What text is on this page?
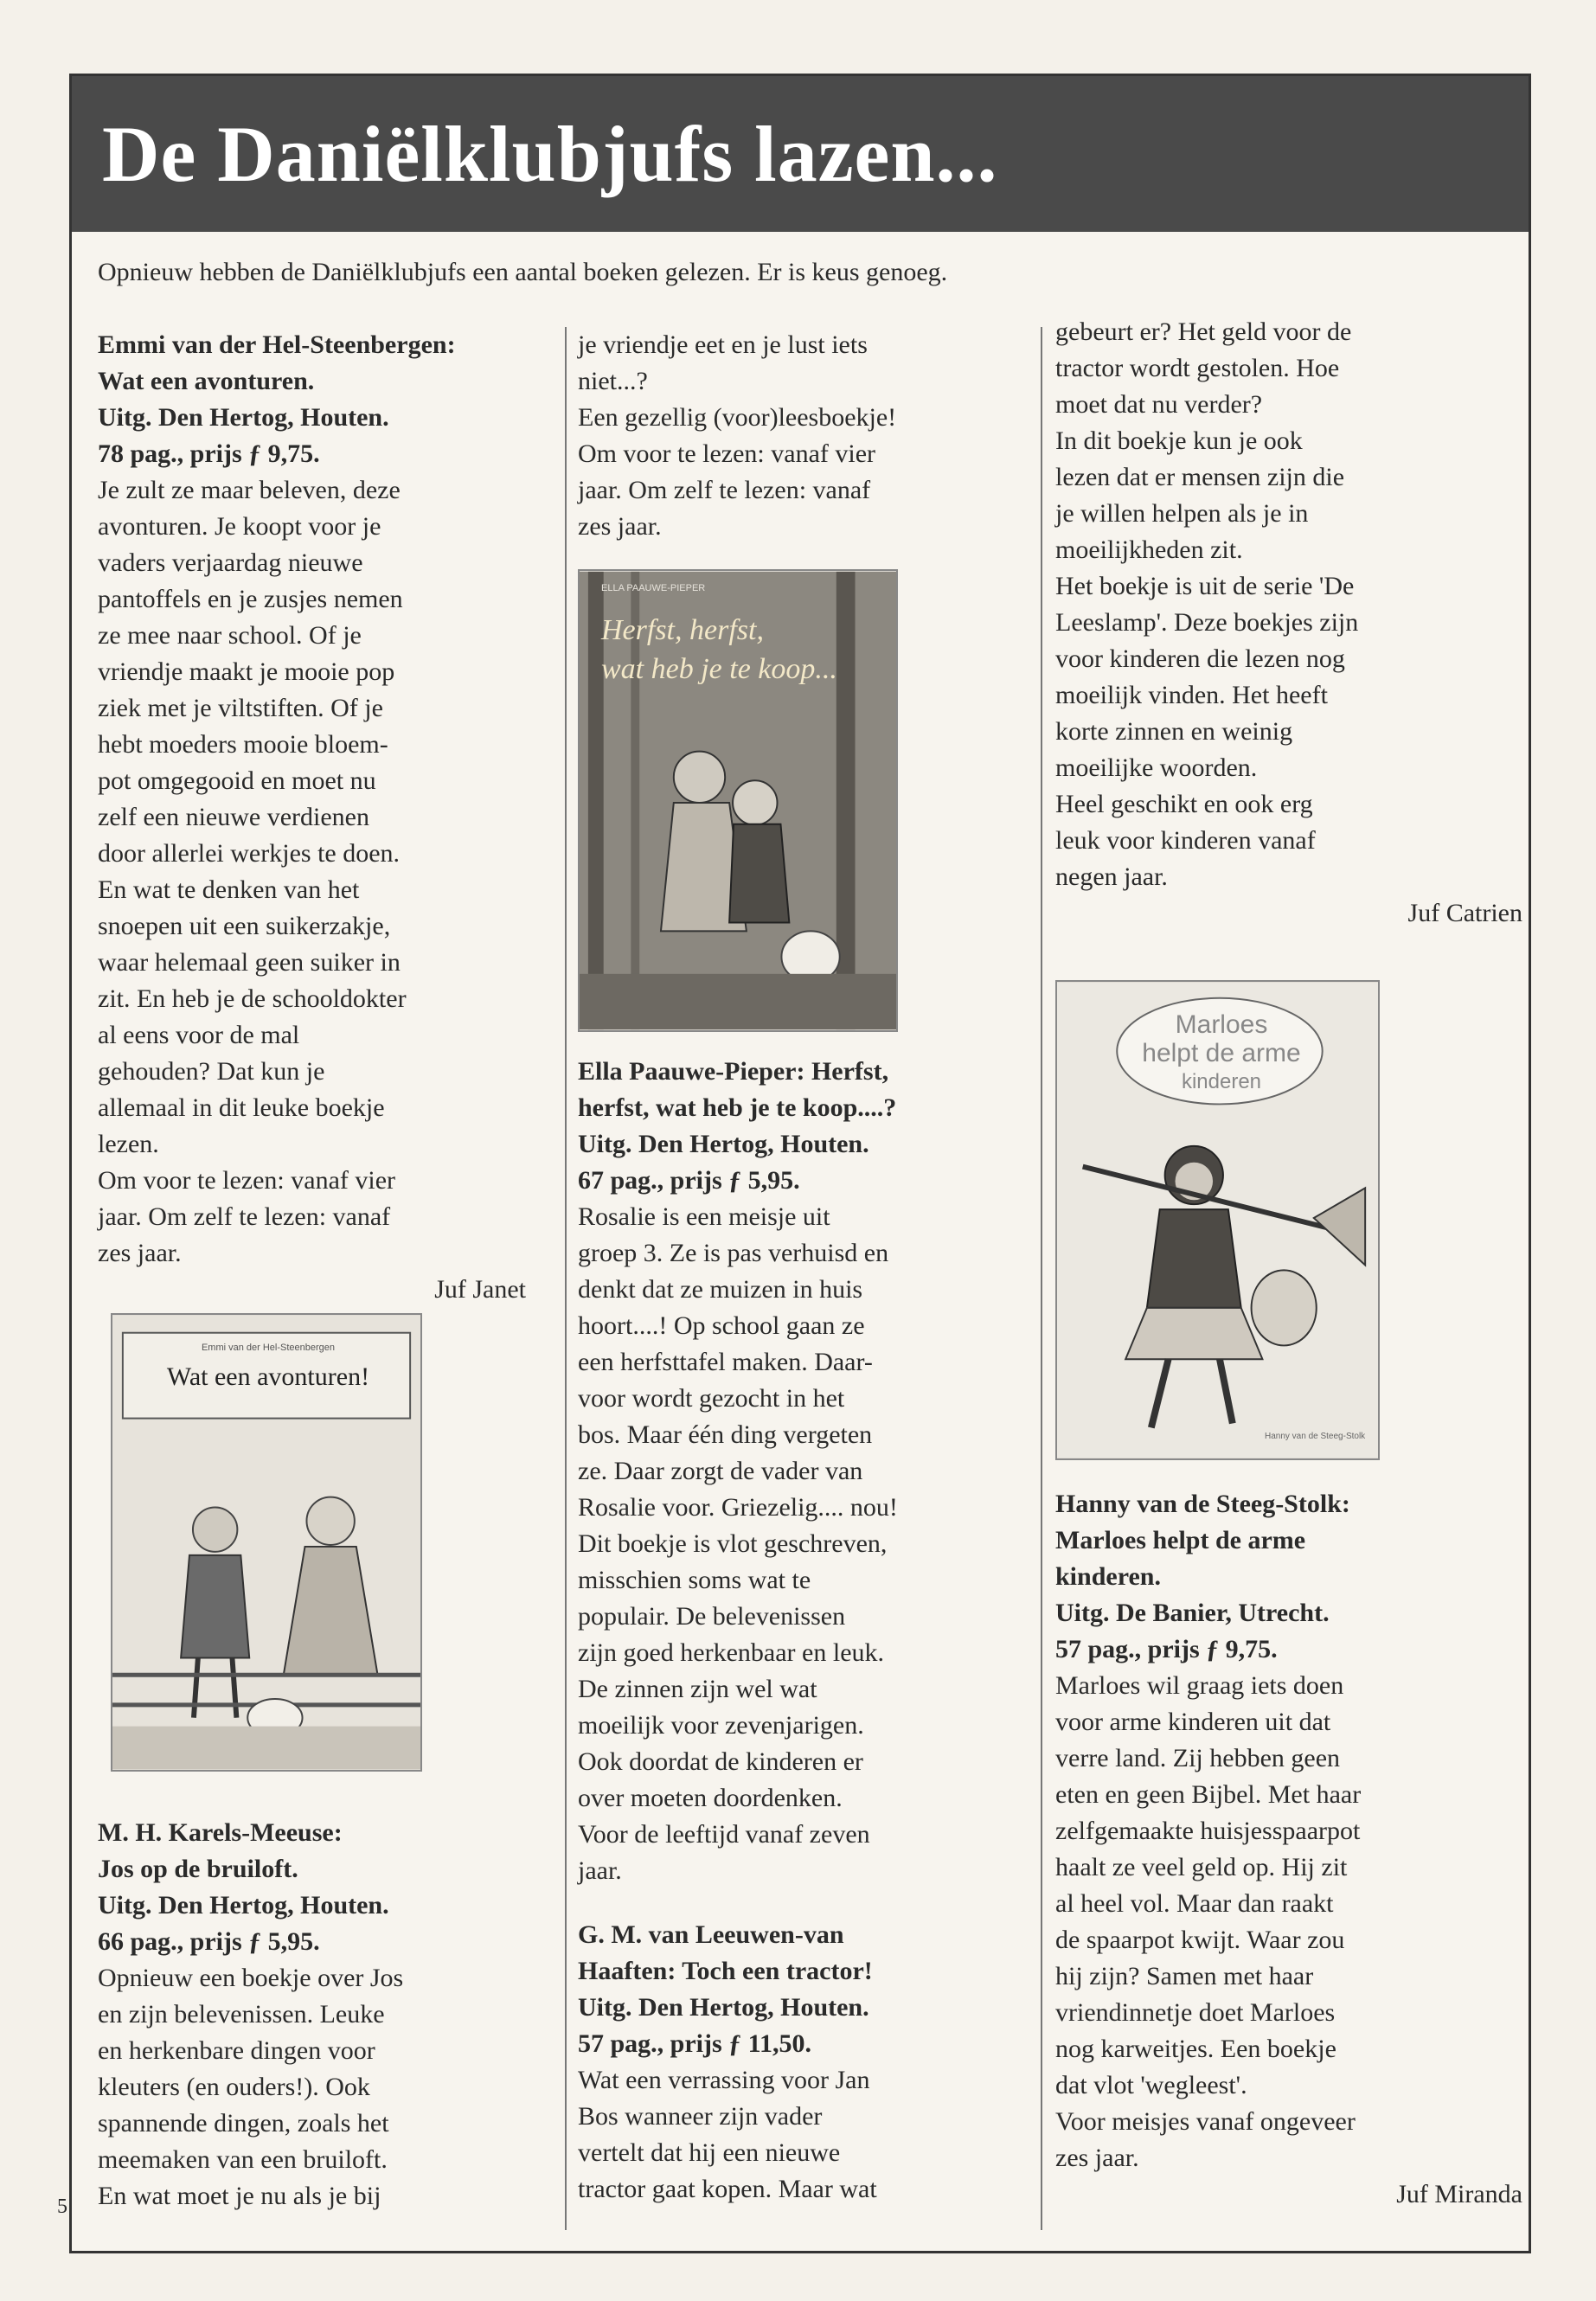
De Daniëlklubjufs lazen...
Opnieuw hebben de Daniëlklubjufs een aantal boeken gelezen. Er is keus genoeg.

Emmi van der Hel-Steenbergen:

Wat een avonturen.

Uitg. Den Hertog, Houten.

78 pag., prijs ƒ 9,75.

Je zult ze maar beleven, deze

avonturen. Je koopt voor je

vaders verjaardag nieuwe

pantoffels en je zusjes nemen

ze mee naar school. Of je

vriendje maakt je mooie pop

ziek met je viltstiften. Of je

hebt moeders mooie bloem-

pot omgegooid en moet nu

zelf een nieuwe verdienen

door allerlei werkjes te doen.

En wat te denken van het

snoepen uit een suikerzakje,

waar helemaal geen suiker in

zit. En heb je de schooldokter

al eens voor de mal

gehouden? Dat kun je

allemaal in dit leuke boekje

lezen.

Om voor te lezen: vanaf vier

jaar. Om zelf te lezen: vanaf

zes jaar.

Juf Janet

Emmi van der Hel-Steenbergen
Wat een avonturen!

M. H. Karels-Meeuse:

Jos op de bruiloft.

Uitg. Den Hertog, Houten.

66 pag., prijs ƒ 5,95.

Opnieuw een boekje over Jos

en zijn belevenissen. Leuke

en herkenbare dingen voor

kleuters (en ouders!). Ook

spannende dingen, zoals het

meemaken van een bruiloft.

En wat moet je nu als je bij

je vriendje eet en je lust iets

niet...?

Een gezellig (voor)leesboekje!

Om voor te lezen: vanaf vier

jaar. Om zelf te lezen: vanaf

zes jaar.

ELLA PAAUWE-PIEPER
Herfst, herfst,
wat heb je te koop...

Ella Paauwe-Pieper: Herfst,

herfst, wat heb je te koop....?

Uitg. Den Hertog, Houten.

67 pag., prijs ƒ 5,95.

Rosalie is een meisje uit

groep 3. Ze is pas verhuisd en

denkt dat ze muizen in huis

hoort....! Op school gaan ze

een herfsttafel maken. Daar-

voor wordt gezocht in het

bos. Maar één ding vergeten

ze. Daar zorgt de vader van

Rosalie voor. Griezelig.... nou!

Dit boekje is vlot geschreven,

misschien soms wat te

populair. De belevenissen

zijn goed herkenbaar en leuk.

De zinnen zijn wel wat

moeilijk voor zevenjarigen.

Ook doordat de kinderen er

over moeten doordenken.

Voor de leeftijd vanaf zeven

jaar.

G. M. van Leeuwen-van

Haaften: Toch een tractor!

Uitg. Den Hertog, Houten.

57 pag., prijs ƒ 11,50.

Wat een verrassing voor Jan

Bos wanneer zijn vader

vertelt dat hij een nieuwe

tractor gaat kopen. Maar wat

gebeurt er? Het geld voor de

tractor wordt gestolen. Hoe

moet dat nu verder?

In dit boekje kun je ook

lezen dat er mensen zijn die

je willen helpen als je in

moeilijkheden zit.

Het boekje is uit de serie 'De

Leeslamp'. Deze boekjes zijn

voor kinderen die lezen nog

moeilijk vinden. Het heeft

korte zinnen en weinig

moeilijke woorden.

Heel geschikt en ook erg

leuk voor kinderen vanaf

negen jaar.

Juf Catrien

Marloes
helpt de arme
kinderen
Hanny van de Steeg-Stolk

Hanny van de Steeg-Stolk:

Marloes helpt de arme

kinderen.

Uitg. De Banier, Utrecht.

57 pag., prijs ƒ 9,75.

Marloes wil graag iets doen

voor arme kinderen uit dat

verre land. Zij hebben geen

eten en geen Bijbel. Met haar

zelfgemaakte huisjesspaarpot

haalt ze veel geld op. Hij zit

al heel vol. Maar dan raakt

de spaarpot kwijt. Waar zou

hij zijn? Samen met haar

vriendinnetje doet Marloes

nog karweitjes. Een boekje

dat vlot 'wegleest'.

Voor meisjes vanaf ongeveer

zes jaar.

Juf Miranda

5
